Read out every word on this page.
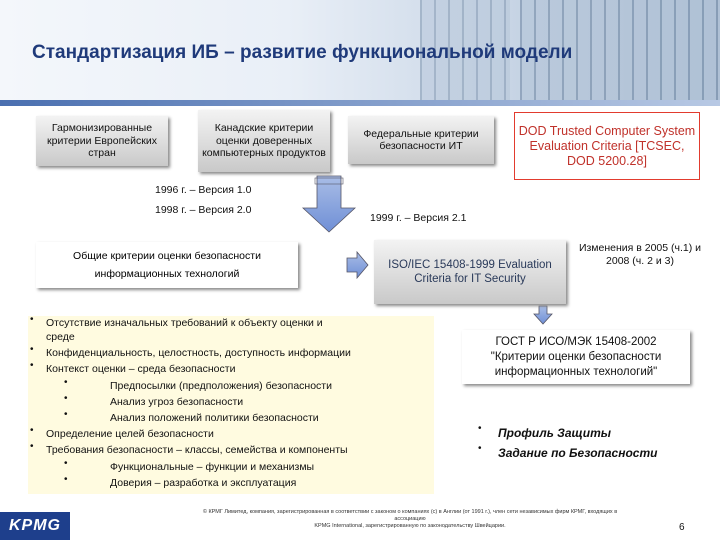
Стандартизация ИБ – развитие функциональной модели
Гармонизированные критерии Европейских стран
Канадские критерии оценки доверенных компьютерных продуктов
Федеральные критерии безопасности ИТ
DOD Trusted Computer System Evaluation Criteria [TCSEC, DOD 5200.28]
1996 г. – Версия 1.0
1998 г. – Версия 2.0
1999 г. – Версия 2.1
Общие критерии оценки безопасности
информационных технологий
ISO/IEC 15408-1999 Evaluation Criteria for IT Security
Изменения в 2005 (ч.1) и 2008 (ч. 2 и 3)
ГОСТ Р ИСО/МЭК 15408-2002
"Критерии оценки безопасности
информационных технологий"
• Отсутствие изначальных требований к объекту оценки и
среде
• Конфиденциальность, целостность, доступность информации
• Контекст оценки – среда безопасности
•	Предпосылки (предположения) безопасности
•	Анализ угроз безопасности
•	Анализ положений политики безопасности
• Определение целей безопасности
• Требования безопасности – классы, семейства и компоненты
•	Функциональные – функции и механизмы
•	Доверия – разработка и эксплуатация
• Профиль Защиты
• Задание по Безопасности
KPMG
© КРМГ Лимитед, компания, зарегистрированная в соответствии с законом о компаниях (с) в Англии (от 1991 г.), член сети независимых фирм КРМГ, входящих в ассоциацию
KPMG International, зарегистрированную по законодательству Швейцарии.	6
